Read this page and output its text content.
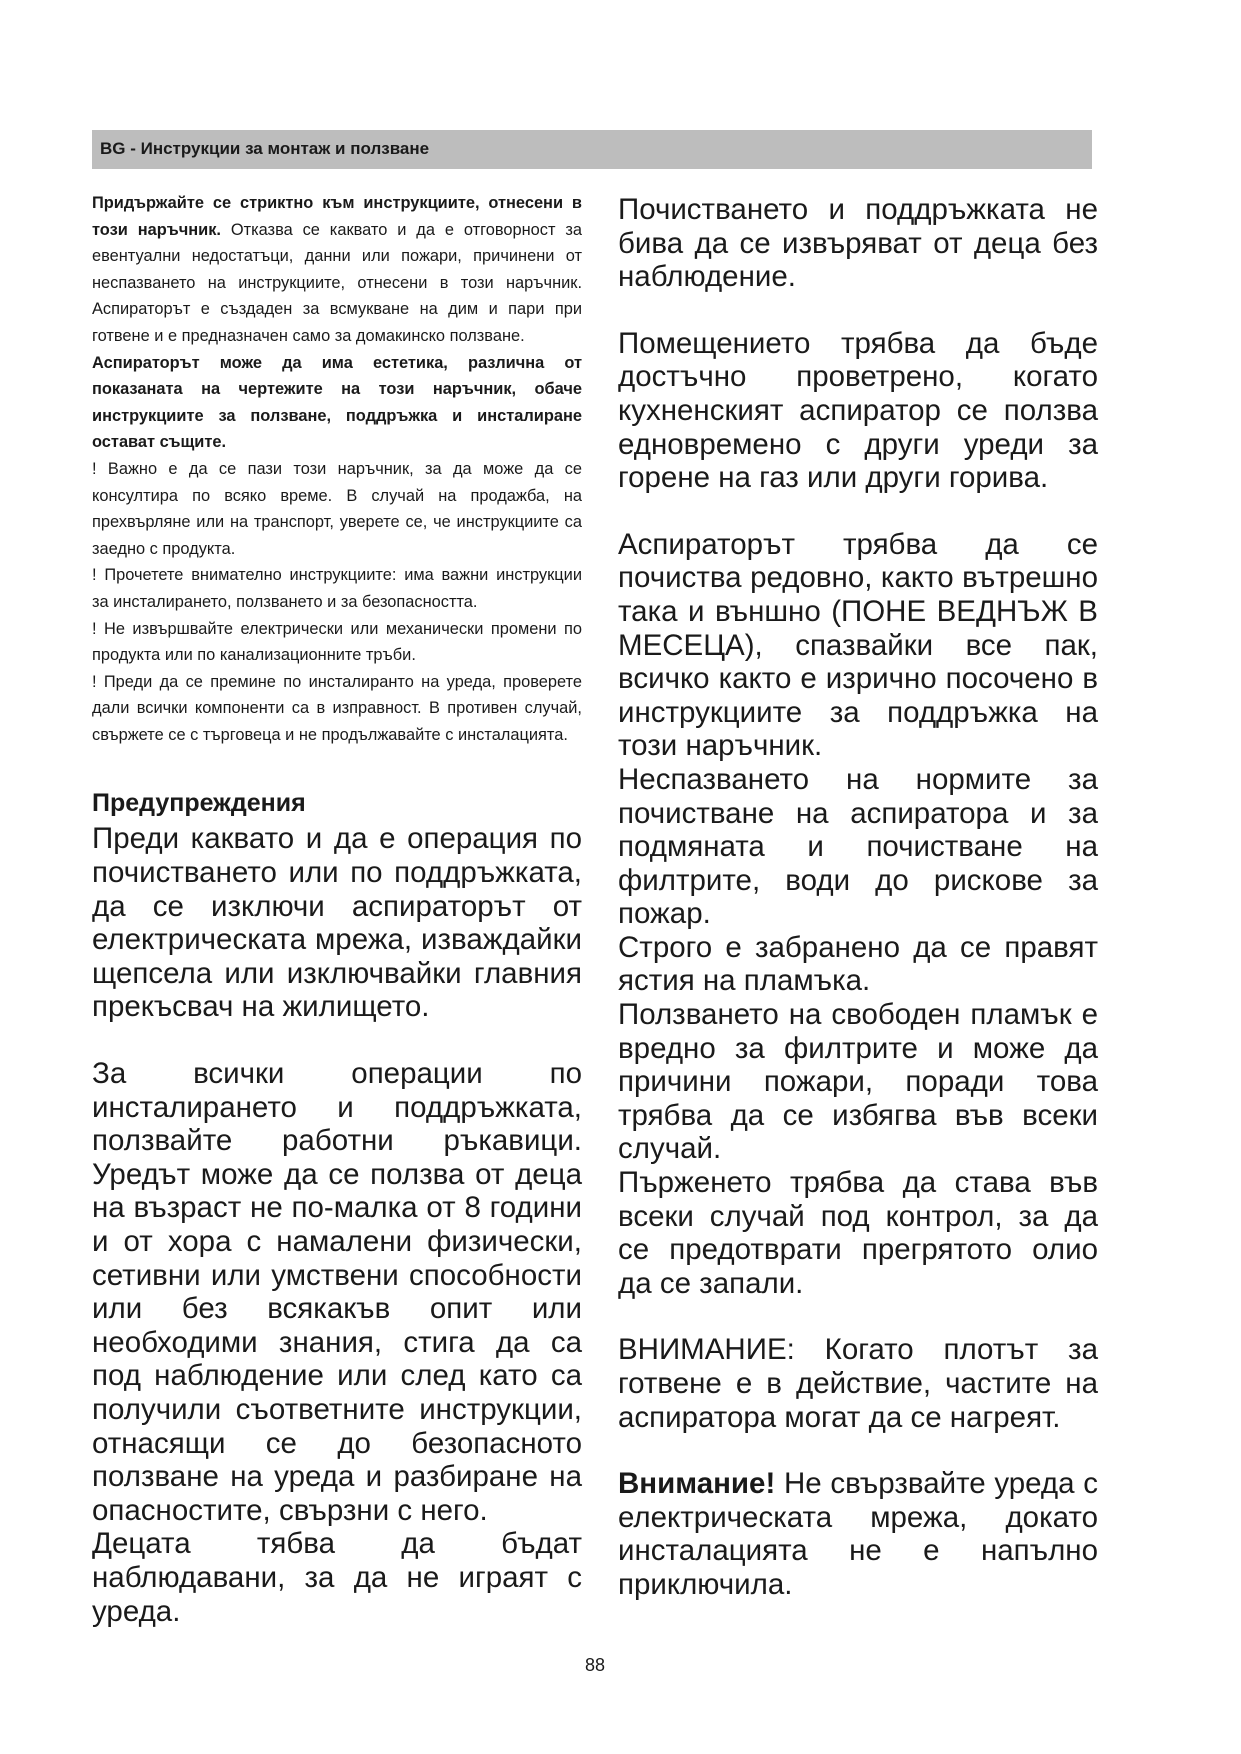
BG - Инструкции за монтаж и ползване

Придържайте се стриктно към инструкциите, отнесени в този наръчник. Отказва се каквато и да е отговорност за евентуални недостатъци, данни или пожари, причинени от неспазването на инструкциите, отнесени в този наръчник. Аспираторът е създаден за всмукване на дим и пари при готвене и е предназначен само за домакинско ползване.

Аспираторът може да има естетика, различна от показаната на чертежите на този наръчник, обаче инструкциите за ползване, поддръжка и инсталиране остават същите.

! Важно е да се пази този наръчник, за да може да се консултира по всяко време. В случай на продажба, на прехвърляне или на транспорт, уверете се, че инструкциите са заедно с продукта.

! Прочетете внимателно инструкциите: има важни инструкции за инсталирането, ползването и за безопасността.

! Не извършвайте електрически или механически промени по продукта или по канализационните тръби.

! Преди да се премине по инсталиранто на уреда, проверете дали всички компоненти са в изправност. В противен случай, свържете се с търговеца и не продължавайте с инсталацията.

Предупреждения

Преди каквато и да е операция по почистването или по поддръжката, да се изключи аспираторът от електрическата мрежа, изваждайки щепсела или изключвайки главния прекъсвач на жилището.

За всички операции по инсталирането и поддръжката, ползвайте работни ръкавици. Уредът може да се ползва от деца на възраст не по-малка от 8 години и от хора с намалени физически, сетивни или умствени способности или без всякакъв опит или необходими знания, стига да са под наблюдение или след като са получили съответните инструкции, отнасящи се до безопасното ползване на уреда и разбиране на опасностите, свързни с него.

Децата тябва да бъдат наблюдавани, за да не играят с уреда.

Почистването и поддръжката не бива да се извъряват от деца без наблюдение.

Помещението трябва да бъде достъчно проветрено, когато кухненският аспиратор се ползва едновремено с други уреди за горене на газ или други горива.

Аспираторът трябва да се почиства редовно, както вътрешно така и външно (ПОНЕ ВЕДНЪЖ В МЕСЕЦА), спазвайки все пак, всичко както е изрично посочено в инструкциите за поддръжка на този наръчник.

Неспазването на нормите за почистване на аспиратора и за подмяната и почистване на филтрите, води до рискове за пожар.

Строго е забранено да се правят ястия на пламъка.

Ползването на свободен пламък е вредно за филтрите и може да причини пожари, поради това трябва да се избягва във всеки случай.

Пърженето трябва да става във всеки случай под контрол, за да се предотврати прегрятото олио да се запали.

ВНИМАНИЕ: Когато плотът за готвене е в действие, частите на аспиратора могат да се нагреят.

Внимание! Не свързвайте уреда с електрическата мрежа, докато инсталацията не е напълно приключила.

88
